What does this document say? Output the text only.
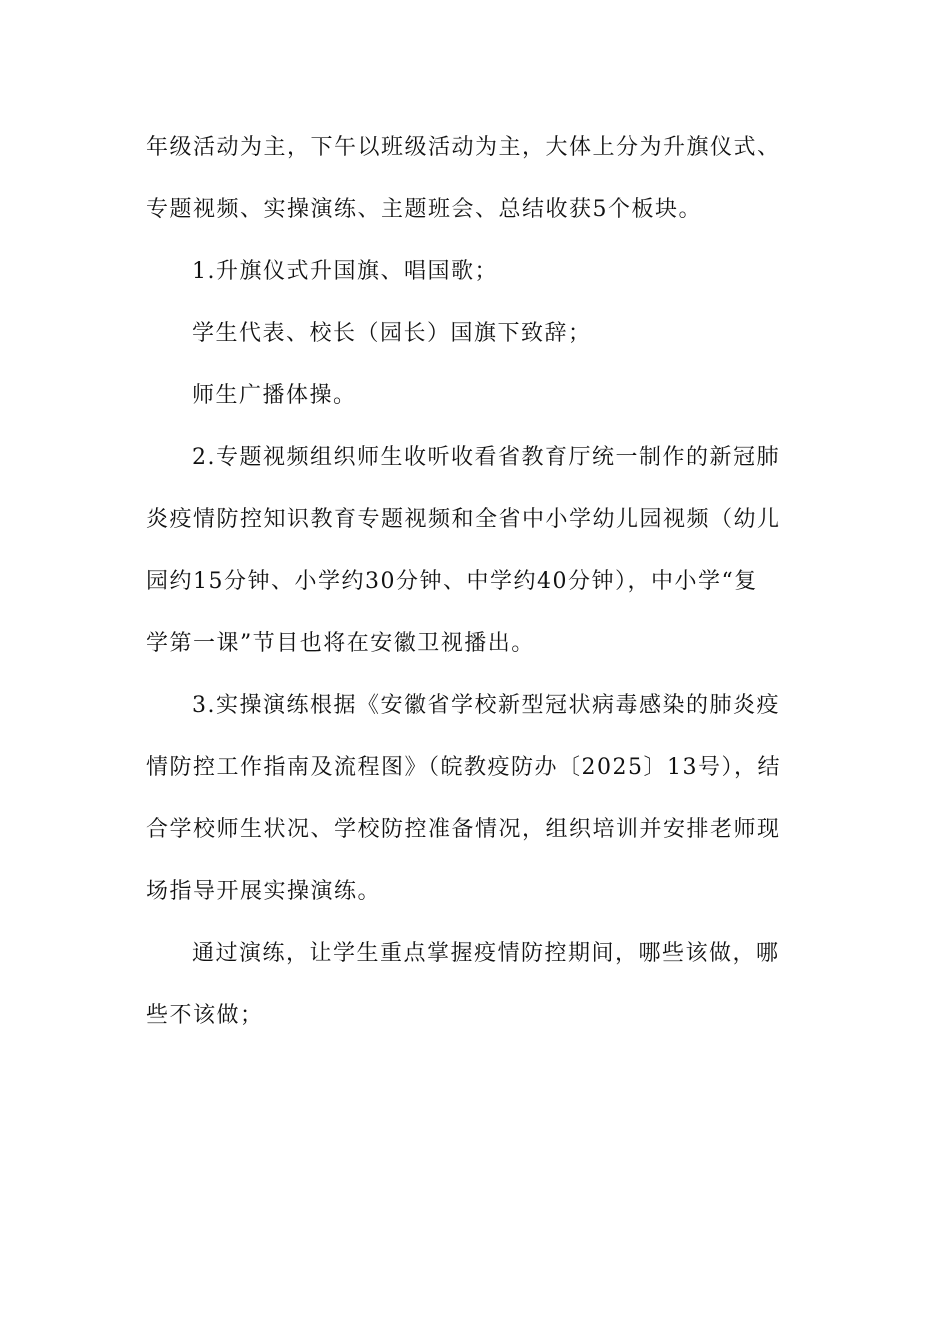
年级活动为主，下午以班级活动为主，大体上分为升旗仪式、
专题视频、实操演练、主题班会、总结收获5个板块。
1.升旗仪式升国旗、唱国歌；
学生代表、校长（园长）国旗下致辞；
师生广播体操。
2.专题视频组织师生收听收看省教育厅统一制作的新冠肺
炎疫情防控知识教育专题视频和全省中小学幼儿园视频（幼儿
园约15分钟、小学约30分钟、中学约40分钟），中小学“复
学第一课”节目也将在安徽卫视播出。
3.实操演练根据《安徽省学校新型冠状病毒感染的肺炎疫
情防控工作指南及流程图》（皖教疫防办〔2025〕13号），结
合学校师生状况、学校防控准备情况，组织培训并安排老师现
场指导开展实操演练。
通过演练，让学生重点掌握疫情防控期间，哪些该做，哪
些不该做；
